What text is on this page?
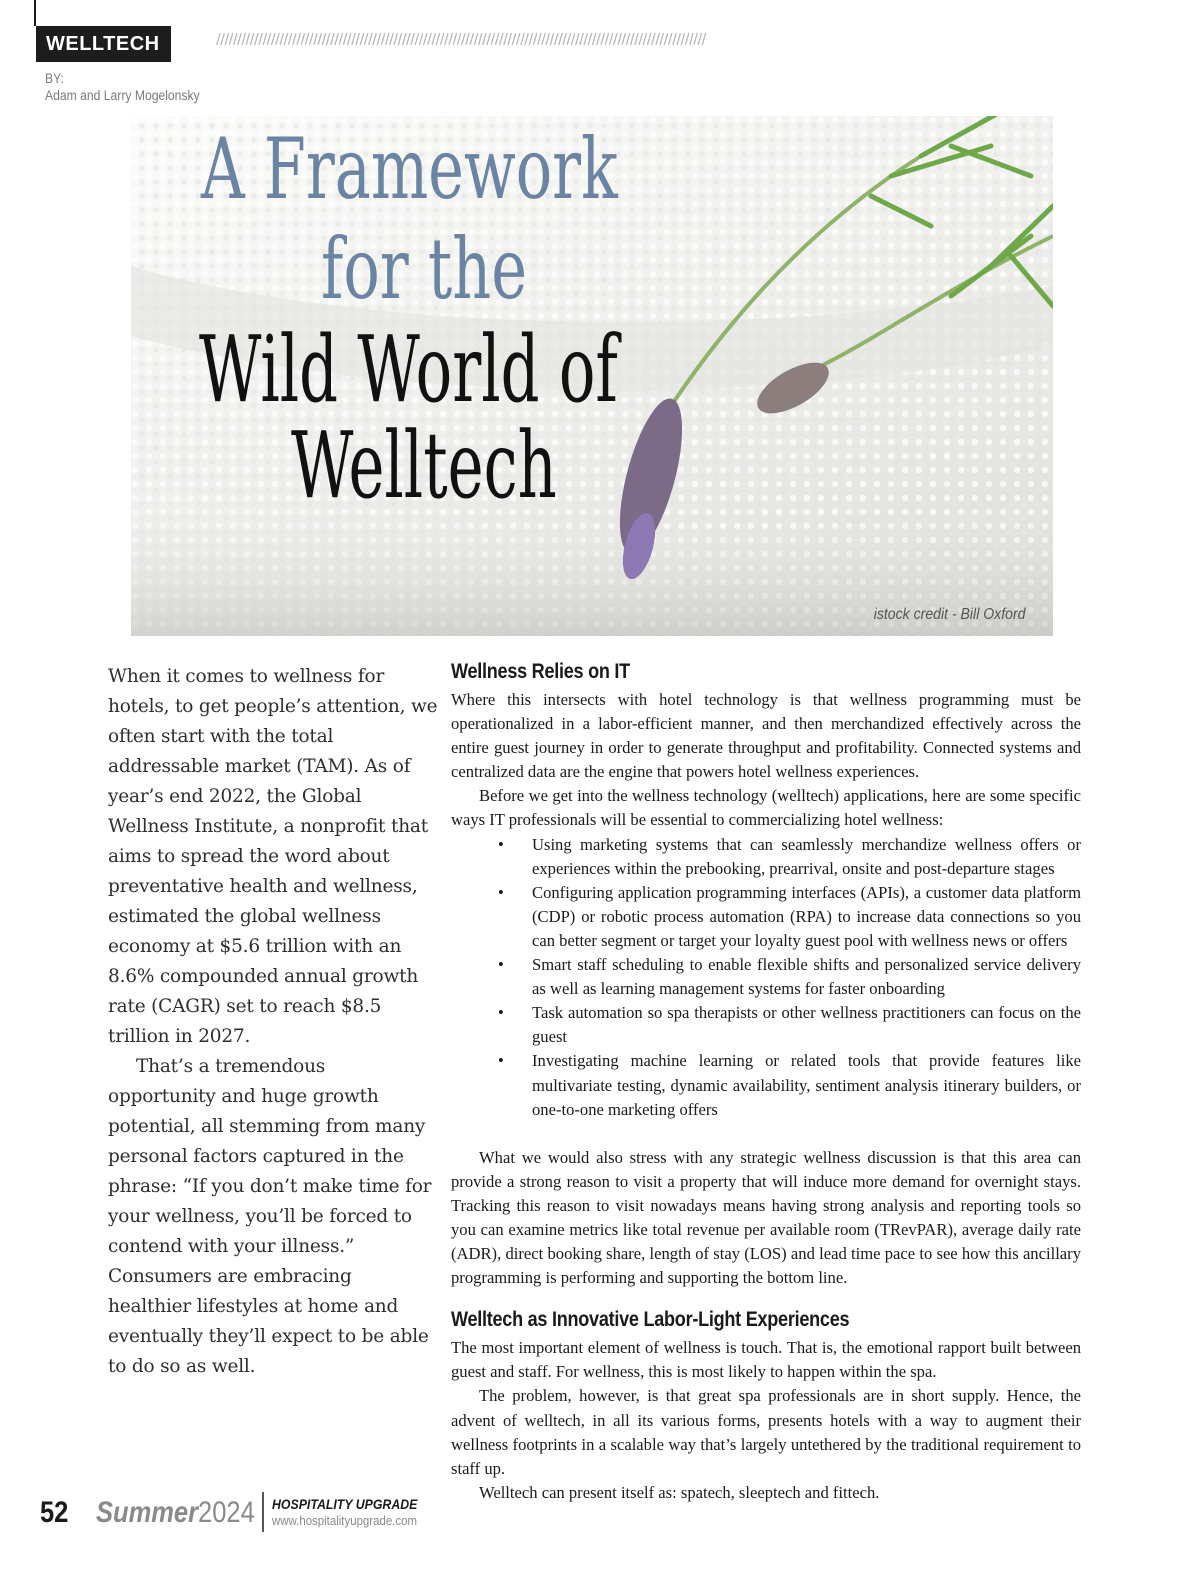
WELLTECH	////////////////////////////////////////////////////////////////////////////////////////////////////////////////////
BY:
Adam and Larry Mogelonsky
A Framework
for the
Wild World of
Welltech
istock credit - Bill Oxford

When it comes to wellness for hotels, to get people’s attention, we often start with the total addressable market (TAM). As of year’s end 2022, the Global Wellness Institute, a nonprofit that aims to spread the word about preventative health and wellness, estimated the global wellness economy at $5.6 trillion with an 8.6% compounded annual growth rate (CAGR) set to reach $8.5 trillion in 2027.

That’s a tremendous opportunity and huge growth potential, all stemming from many personal factors captured in the phrase: “If you don’t make time for your wellness, you’ll be forced to contend with your illness.” Consumers are embracing healthier lifestyles at home and eventually they’ll expect to be able to do so as well.

Wellness Relies on IT

Where this intersects with hotel technology is that wellness programming must be operationalized in a labor-efficient manner, and then merchandized effectively across the entire guest journey in order to generate throughput and profitability. Connected systems and centralized data are the engine that powers hotel wellness experiences.

Before we get into the wellness technology (welltech) applications, here are some specific ways IT professionals will be essential to commercializing hotel wellness:

• Using marketing systems that can seamlessly merchandize wellness offers or experiences within the prebooking, prearrival, onsite and post-departure stages
• Configuring application programming interfaces (APIs), a customer data platform (CDP) or robotic process automation (RPA) to increase data connections so you can better segment or target your loyalty guest pool with wellness news or offers
• Smart staff scheduling to enable flexible shifts and personalized service delivery as well as learning management systems for faster onboarding
• Task automation so spa therapists or other wellness practitioners can focus on the guest
• Investigating machine learning or related tools that provide features like multivariate testing, dynamic availability, sentiment analysis itinerary builders, or one-to-one marketing offers

What we would also stress with any strategic wellness discussion is that this area can provide a strong reason to visit a property that will induce more demand for overnight stays. Tracking this reason to visit nowadays means having strong analysis and reporting tools so you can examine metrics like total revenue per available room (TRevPAR), average daily rate (ADR), direct booking share, length of stay (LOS) and lead time pace to see how this ancillary programming is performing and supporting the bottom line.

Welltech as Innovative Labor-Light Experiences

The most important element of wellness is touch. That is, the emotional rapport built between guest and staff. For wellness, this is most likely to happen within the spa.

The problem, however, is that great spa professionals are in short supply. Hence, the advent of welltech, in all its various forms, presents hotels with a way to augment their wellness footprints in a scalable way that’s largely untethered by the traditional requirement to staff up.

Welltech can present itself as: spatech, sleeptech and fittech.

52 Summer2024 HOSPITALITY UPGRADE
www.hospitalityupgrade.com
